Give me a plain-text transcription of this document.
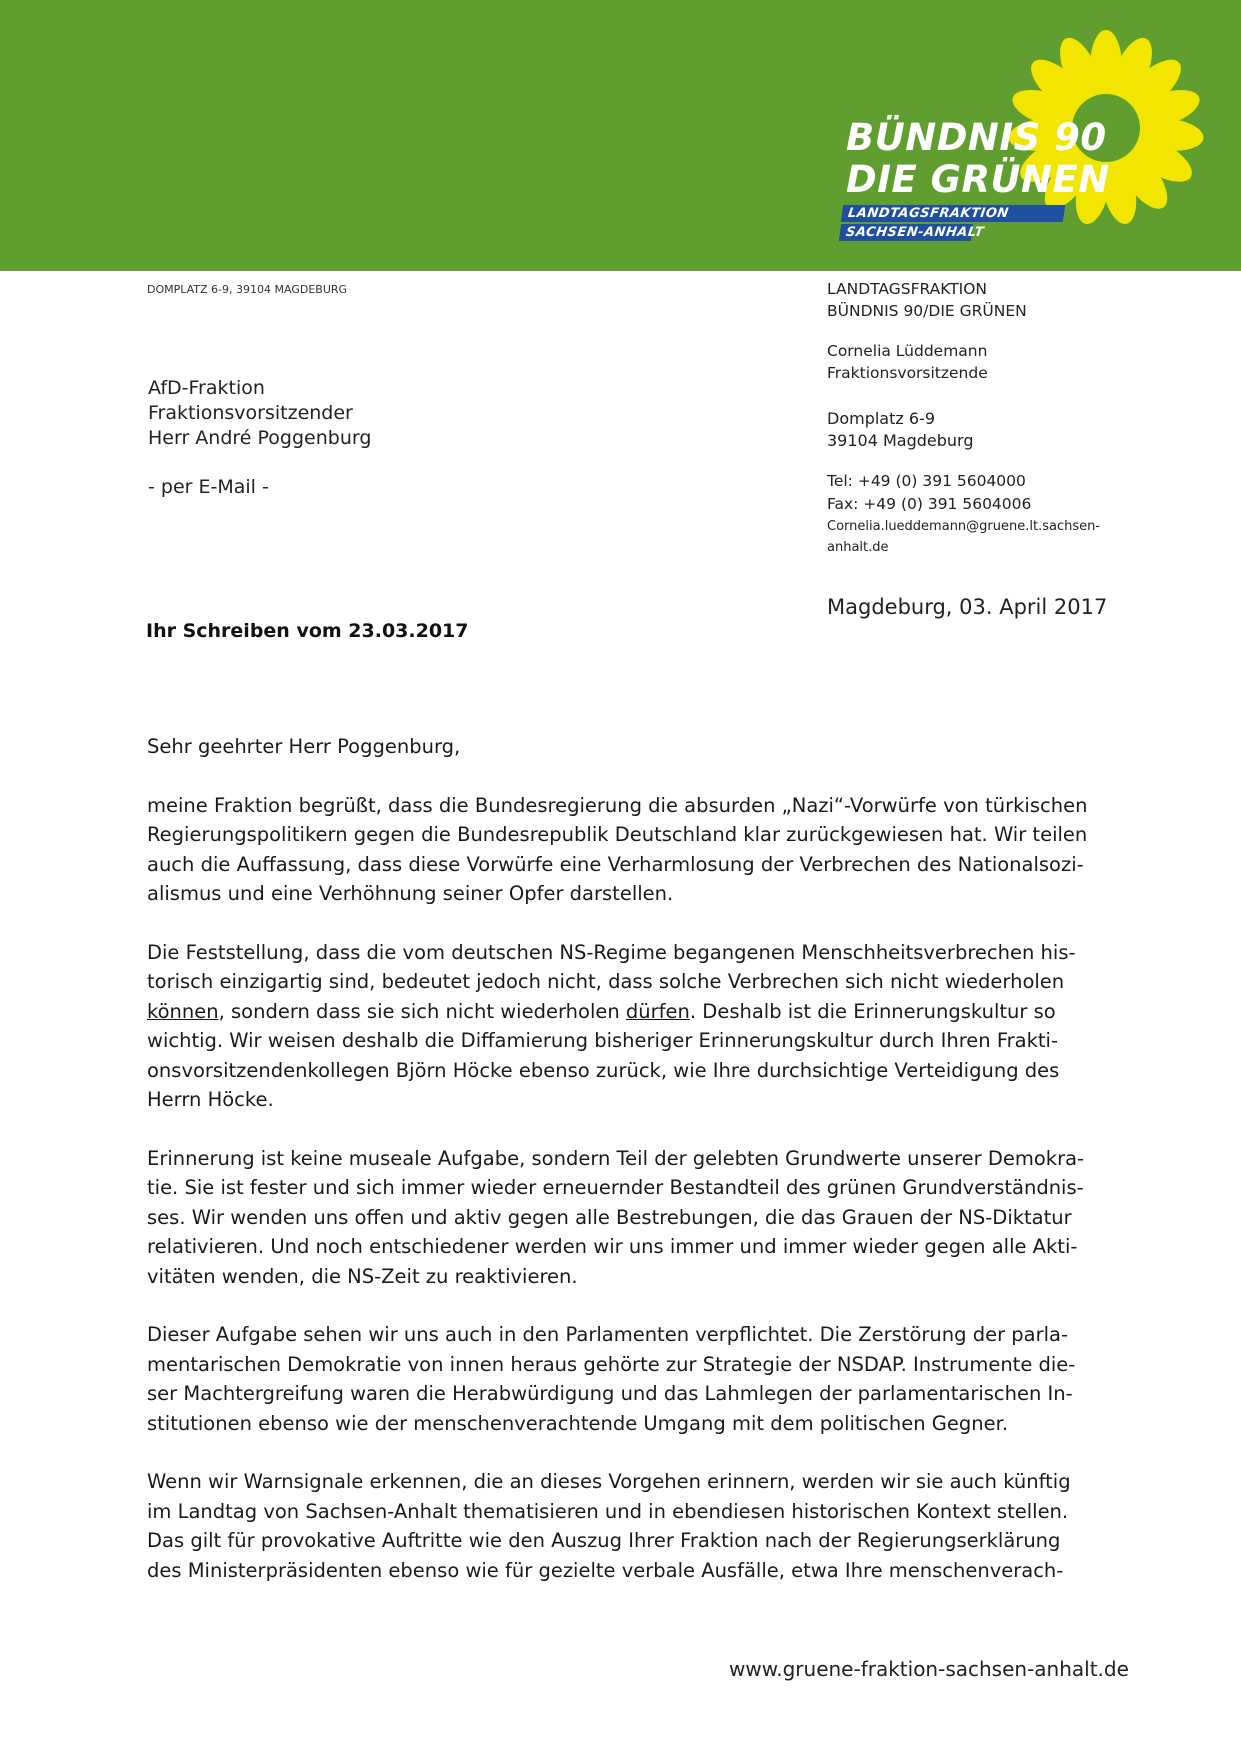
BÜNDNIS 90
DIE GRÜNEN
LANDTAGSFRAKTION
SACHSEN-ANHALT
DOMPLATZ 6-9, 39104 MAGDEBURG
AfD-Fraktion
Fraktionsvorsitzender
Herr André Poggenburg
- per E-Mail -
LANDTAGSFRAKTION
BÜNDNIS 90/DIE GRÜNEN
Cornelia Lüddemann
Fraktionsvorsitzende
Domplatz 6-9
39104 Magdeburg
Tel: +49 (0) 391 5604000
Fax: +49 (0) 391 5604006
Cornelia.lueddemann@gruene.lt.sachsen-
anhalt.de
Magdeburg, 03. April 2017
Ihr Schreiben vom 23.03.2017

Sehr geehrter Herr Poggenburg,

meine Fraktion begrüßt, dass die Bundesregierung die absurden „Nazi“-Vorwürfe von türkischen
Regierungspolitikern gegen die Bundesrepublik Deutschland klar zurückgewiesen hat. Wir teilen
auch die Auffassung, dass diese Vorwürfe eine Verharmlosung der Verbrechen des Nationalsozi-
alismus und eine Verhöhnung seiner Opfer darstellen.

Die Feststellung, dass die vom deutschen NS-Regime begangenen Menschheitsverbrechen his-
torisch einzigartig sind, bedeutet jedoch nicht, dass solche Verbrechen sich nicht wiederholen
können, sondern dass sie sich nicht wiederholen dürfen. Deshalb ist die Erinnerungskultur so
wichtig. Wir weisen deshalb die Diffamierung bisheriger Erinnerungskultur durch Ihren Frakti-
onsvorsitzendenkollegen Björn Höcke ebenso zurück, wie Ihre durchsichtige Verteidigung des
Herrn Höcke.

Erinnerung ist keine museale Aufgabe, sondern Teil der gelebten Grundwerte unserer Demokra-
tie. Sie ist fester und sich immer wieder erneuernder Bestandteil des grünen Grundverständnis-
ses. Wir wenden uns offen und aktiv gegen alle Bestrebungen, die das Grauen der NS-Diktatur
relativieren. Und noch entschiedener werden wir uns immer und immer wieder gegen alle Akti-
vitäten wenden, die NS-Zeit zu reaktivieren.

Dieser Aufgabe sehen wir uns auch in den Parlamenten verpflichtet. Die Zerstörung der parla-
mentarischen Demokratie von innen heraus gehörte zur Strategie der NSDAP. Instrumente die-
ser Machtergreifung waren die Herabwürdigung und das Lahmlegen der parlamentarischen In-
stitutionen ebenso wie der menschenverachtende Umgang mit dem politischen Gegner.

Wenn wir Warnsignale erkennen, die an dieses Vorgehen erinnern, werden wir sie auch künftig
im Landtag von Sachsen-Anhalt thematisieren und in ebendiesen historischen Kontext stellen.
Das gilt für provokative Auftritte wie den Auszug Ihrer Fraktion nach der Regierungserklärung
des Ministerpräsidenten ebenso wie für gezielte verbale Ausfälle, etwa Ihre menschenverach-

www.gruene-fraktion-sachsen-anhalt.de
